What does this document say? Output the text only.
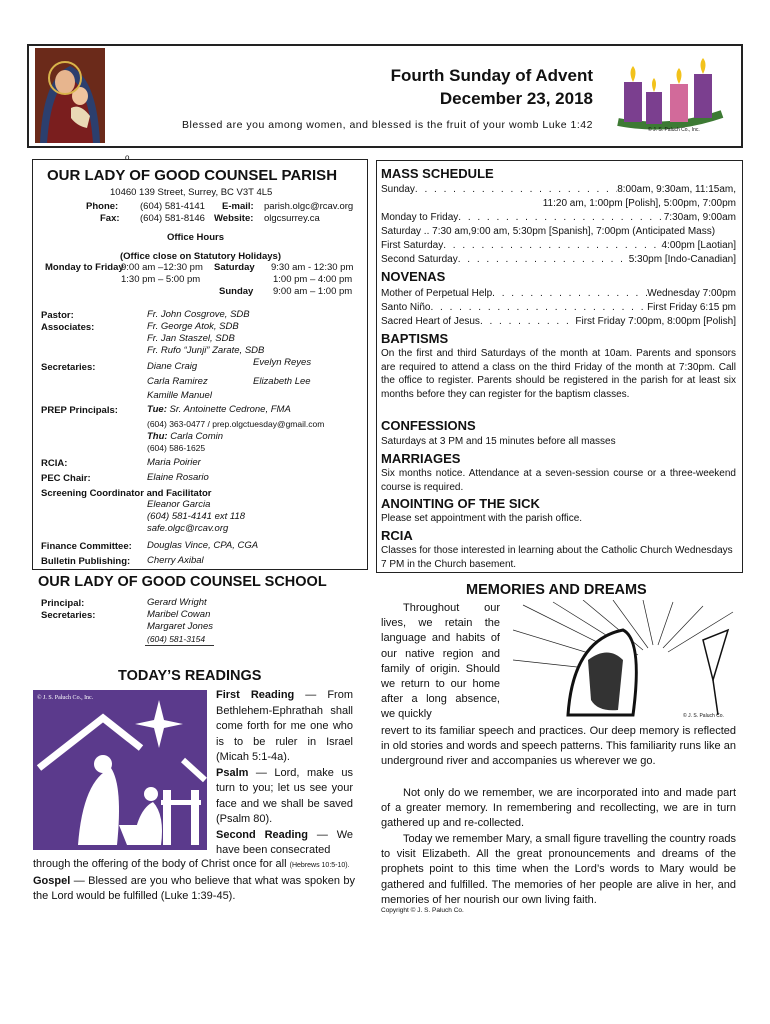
Fourth Sunday of Advent
December 23, 2018
Blessed are you among women, and blessed is the fruit of your womb Luke 1:42	© J. S. Paluch Co., Inc.
o
OUR LADY OF GOOD COUNSEL PARISH
10460 139 Street, Surrey, BC V3T 4L5
Phone: (604) 581-4141
Fax: (604) 581-8146
E-mail: parish.olgc@rcav.org
Website: olgcsurrey.ca
Office Hours
(Office close on Statutory Holidays)
Monday to Friday
9:00 am –12:30 pm
1:30 pm – 5:00 pm
Saturday 9:30 am - 12:30 pm
1:00 pm – 4:00 pm
Sunday 9:00 am – 1:00 pm
Pastor:	Fr. John Cosgrove, SDB
Associates:	Fr. George Atok, SDB
Fr. Jan Staszel, SDB
Fr. Rufo “Junji” Zarate, SDB
Secretaries:	Diane Craig	Evelyn Reyes
Carla Ramirez	Elizabeth Lee
Kamille Manuel
PREP Principals:	Tue: Sr. Antoinette Cedrone, FMA
(604) 363-0477 / prep.olgctuesday@gmail.com
Thu: Carla Comin
(604) 586-1625
RCIA:	Maria Poirier
PEC Chair:	Elaine Rosario
Screening Coordinator and Facilitator
Eleanor Garcia
(604) 581-4141 ext 118
safe.olgc@rcav.org
Finance Committee: Douglas Vince, CPA, CGA
Bulletin Publishing: Cherry Axibal
OUR LADY OF GOOD COUNSEL SCHOOL
Principal:	Gerard Wright
Secretaries:	Maribel Cowan
Margaret Jones
(604) 581-3154
MASS SCHEDULE
Sunday . . .	8:00am, 9:30am, 11:15am,
11:20 am, 1:00pm [Polish], 5:00pm, 7:00pm
Monday to Friday . . .	7:30am, 9:00am
Saturday .. 7:30 am,9:00 am, 5:30pm [Spanish], 7:00pm (Anticipated Mass)
First Saturday . . .	4:00pm [Laotian]
Second Saturday . . .	5:30pm [Indo-Canadian]
NOVENAS
Mother of Perpetual Help . . .	Wednesday 7:00pm
Santo Niño . . .	First Friday 6:15 pm
Sacred Heart of Jesus . . .	First Friday 7:00pm, 8:00pm [Polish]
BAPTISMS
On the first and third Saturdays of the month at 10am. Parents and sponsors are required to attend a class on the third Friday of the month at 7:30pm. Call the office to register. Parents should be registered in the parish for at least six months before they can register for the baptism classes.
CONFESSIONS
Saturdays at 3 PM and 15 minutes before all masses
MARRIAGES
Six months notice. Attendance at a seven-session course or a three-weekend course is required.
ANOINTING OF THE SICK
Please set appointment with the parish office.
RCIA
Classes for those interested in learning about the Catholic Church Wednesdays 7 PM in the Church basement.
TODAY’S READINGS
© J. S. Paluch Co., Inc.	First Reading — From Bethlehem-Ephrathah shall come forth for me one who is to be ruler in Israel (Micah 5:1-4a).
Psalm — Lord, make us turn to you; let us see your face and we shall be saved (Psalm 80).
Second Reading — We have been consecrated
through the offering of the body of Christ once for all (Hebrews 10:5-10).
Gospel — Blessed are you who believe that what was spoken by the Lord would be fulfilled (Luke 1:39-45).
MEMORIES AND DREAMS
© J. S. Paluch Co.
Throughout our lives, we retain the language and habits of our native region and family of origin. Should we return to our home after a long absence, we quickly
revert to its familiar speech and practices. Our deep memory is reflected in old stories and words and speech patterns. This familiarity runs like an underground river and accompanies us wherever we go.
Not only do we remember, we are incorporated into and made part of a greater memory. In remembering and recollecting, we are in turn gathered up and re-collected.
Today we remember Mary, a small figure travelling the country roads to visit Elizabeth. All the great pronouncements and dreams of the prophets point to this time when the Lord’s words to Mary would be gathered and fulfilled. The memories of her people are alive in her, and memories of her nourish our own living faith.
Copyright © J. S. Paluch Co.
